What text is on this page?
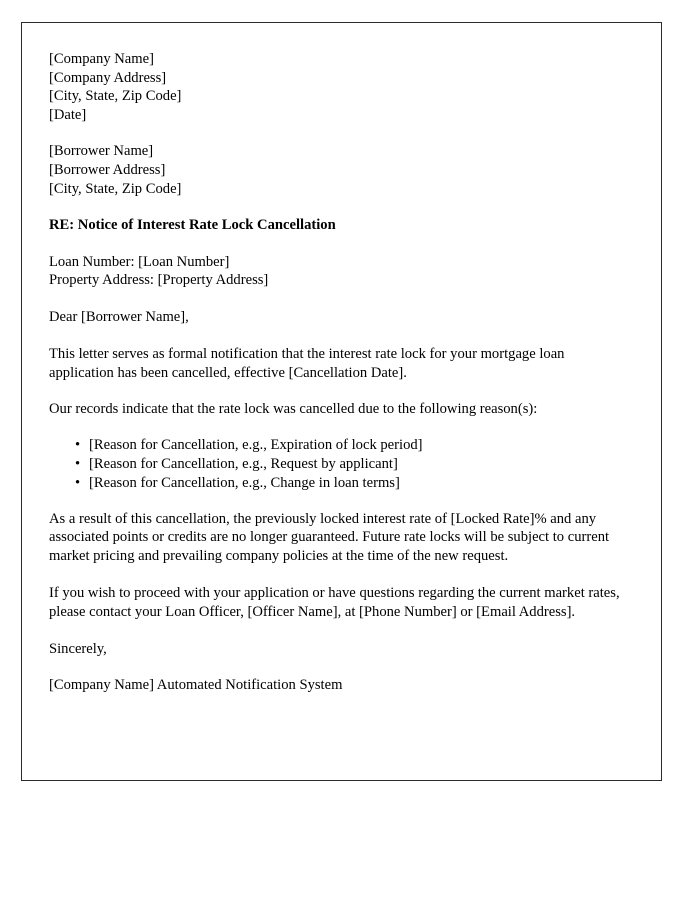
[Company Name]
[Company Address]
[City, State, Zip Code]
[Date]
[Borrower Name]
[Borrower Address]
[City, State, Zip Code]
RE: Notice of Interest Rate Lock Cancellation
Loan Number: [Loan Number]
Property Address: [Property Address]
Dear [Borrower Name],

This letter serves as formal notification that the interest rate lock for your mortgage loan application has been cancelled, effective [Cancellation Date].

Our records indicate that the rate lock was cancelled due to the following reason(s):

• [Reason for Cancellation, e.g., Expiration of lock period]
• [Reason for Cancellation, e.g., Request by applicant]
• [Reason for Cancellation, e.g., Change in loan terms]

As a result of this cancellation, the previously locked interest rate of [Locked Rate]% and any associated points or credits are no longer guaranteed. Future rate locks will be subject to current market pricing and prevailing company policies at the time of the new request.

If you wish to proceed with your application or have questions regarding the current market rates, please contact your Loan Officer, [Officer Name], at [Phone Number] or [Email Address].

Sincerely,
[Company Name] Automated Notification System
